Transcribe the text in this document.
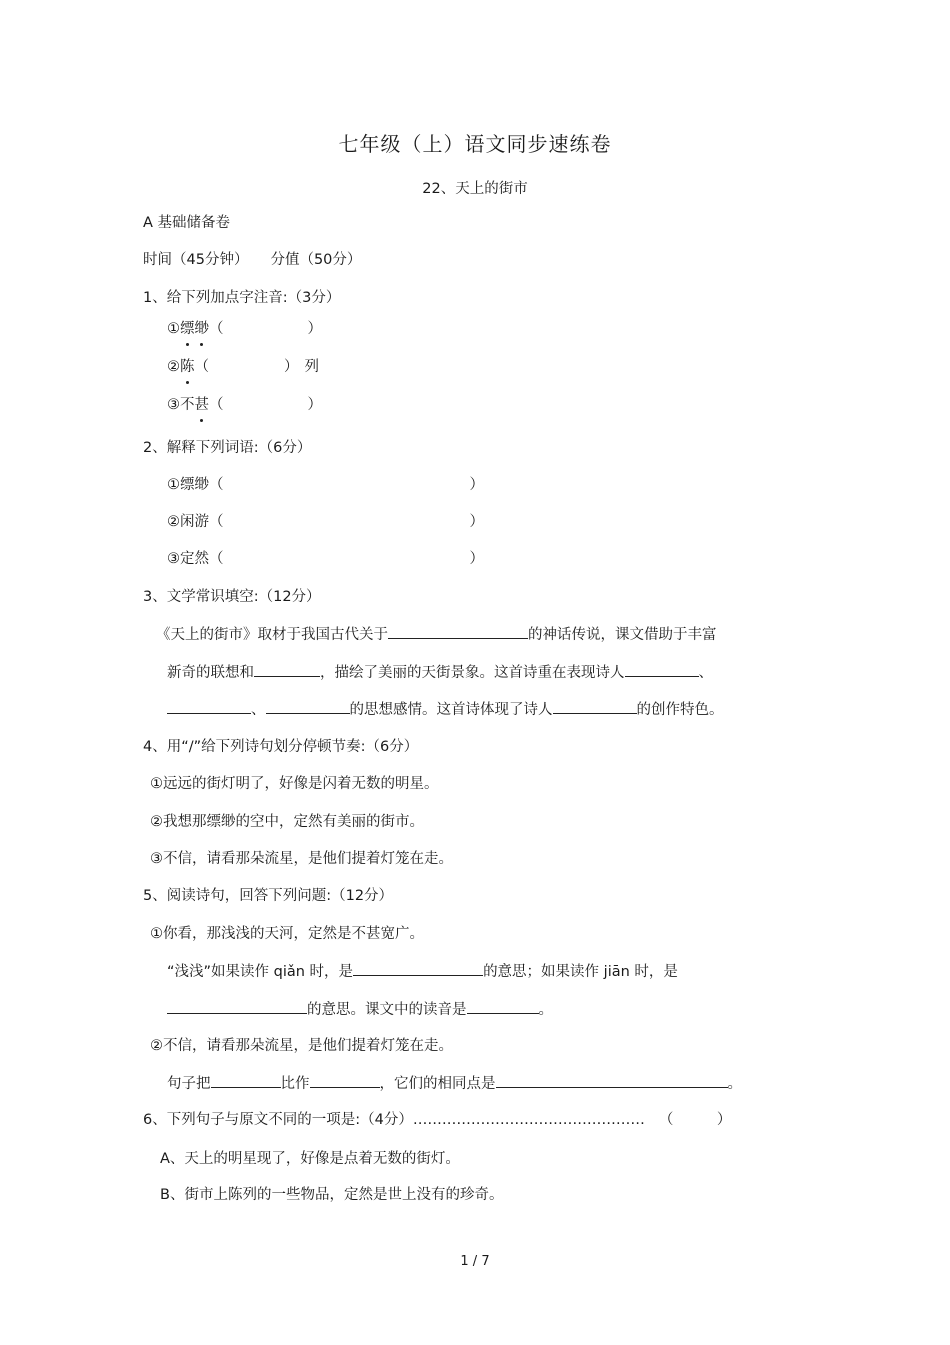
七年级（上）语文同步速练卷
22、天上的街市
A 基础储备卷
时间（45分钟） 分值（50分）
1、给下列加点字注音:（3分）
①缥缈（	）
②陈（	） 列
③不甚（	）
2、解释下列词语:（6分）
①缥缈（	）
②闲游（	）
③定然（	）
3、文学常识填空:（12分）
《天上的街市》取材于我国古代关于	的神话传说，课文借助于丰富
新奇的联想和	，描绘了美丽的天街景象。这首诗重在表现诗人	、
、	的思想感情。这首诗体现了诗人	的创作特色。
4、用“/”给下列诗句划分停顿节奏:（6分）
①远远的街灯明了，好像是闪着无数的明星。
②我想那缥缈的空中，定然有美丽的街市。
③不信，请看那朵流星，是他们提着灯笼在走。
5、阅读诗句，回答下列问题:（12分）
①你看，那浅浅的天河，定然是不甚宽广。
“浅浅”如果读作 qiǎn 时，是	的意思；如果读作 jiān 时，是
的意思。课文中的读音是	。
②不信，请看那朵流星，是他们提着灯笼在走。
句子把	比作	，它们的相同点是	。
6、下列句子与原文不同的一项是:（4分）………………………………………… （　　　）
A、天上的明星现了，好像是点着无数的街灯。
B、街市上陈列的一些物品，定然是世上没有的珍奇。
1 / 7
